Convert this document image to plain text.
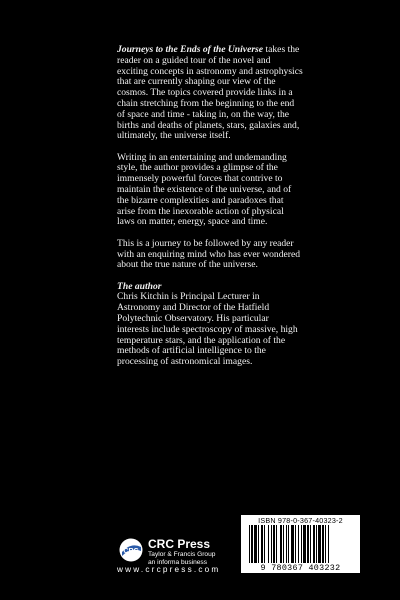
Journeys to the Ends of the Universe takes the reader on a guided tour of the novel and exciting concepts in astronomy and astrophysics that are currently shaping our view of the cosmos. The topics covered provide links in a chain stretching from the beginning to the end of space and time - taking in, on the way, the births and deaths of planets, stars, galaxies and, ultimately, the universe itself.

Writing in an entertaining and undemanding style, the author provides a glimpse of the immensely powerful forces that contrive to maintain the existence of the universe, and of the bizarre complexities and paradoxes that arise from the inexorable action of physical laws on matter, energy, space and time.

This is a journey to be followed by any reader with an enquiring mind who has ever wondered about the true nature of the universe.

The author
Chris Kitchin is Principal Lecturer in Astronomy and Director of the Hatfield Polytechnic Observatory. His particular interests include spectroscopy of massive, high temperature stars, and the application of the methods of artificial intelligence to the processing of astronomical images.

ISBN 978-0-367-40323-2
9 780367 403232
CRC
CRC Press
Taylor & Francis Group
an informa business
www.crcpress.com
